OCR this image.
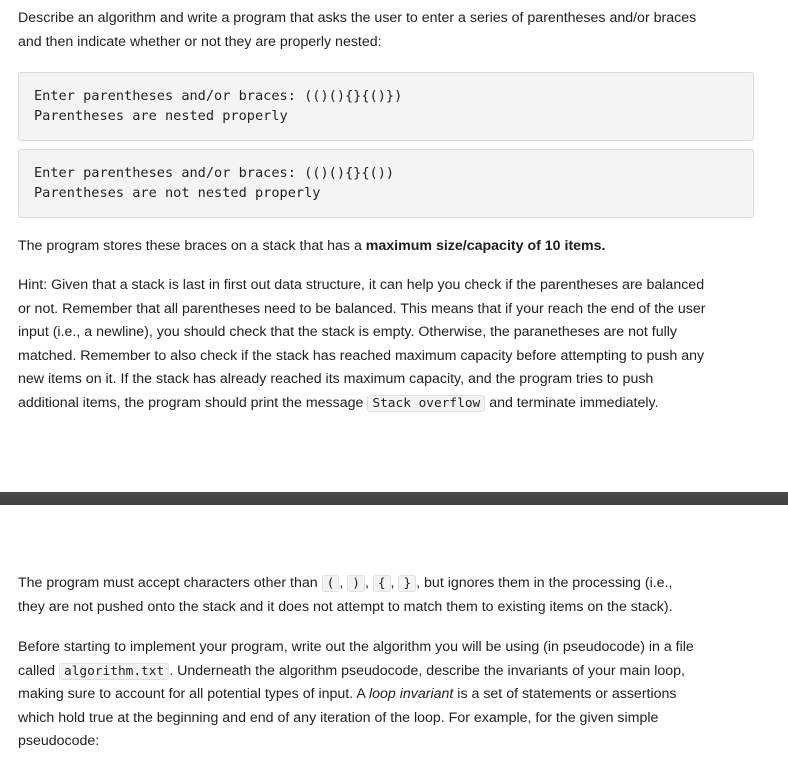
Describe an algorithm and write a program that asks the user to enter a series of parentheses and/or braces

and then indicate whether or not they are properly nested:

Enter parentheses and/or braces: (()(){}{()})
Parentheses are nested properly
Enter parentheses and/or braces: (()(){}{())
Parentheses are not nested properly

The program stores these braces on a stack that has a maximum size/capacity of 10 items.

Hint: Given that a stack is last in first out data structure, it can help you check if the parentheses are balanced

or not. Remember that all parentheses need to be balanced. This means that if your reach the end of the user

input (i.e., a newline), you should check that the stack is empty. Otherwise, the paranetheses are not fully

matched. Remember to also check if the stack has reached maximum capacity before attempting to push any

new items on it. If the stack has already reached its maximum capacity, and the program tries to push

additional items, the program should print the message Stack overflow and terminate immediately.

The program must accept characters other than ( , ) , { , } , but ignores them in the processing (i.e.,

they are not pushed onto the stack and it does not attempt to match them to existing items on the stack).

Before starting to implement your program, write out the algorithm you will be using (in pseudocode) in a file

called algorithm.txt . Underneath the algorithm pseudocode, describe the invariants of your main loop,

making sure to account for all potential types of input. A loop invariant is a set of statements or assertions

which hold true at the beginning and end of any iteration of the loop. For example, for the given simple

pseudocode:
